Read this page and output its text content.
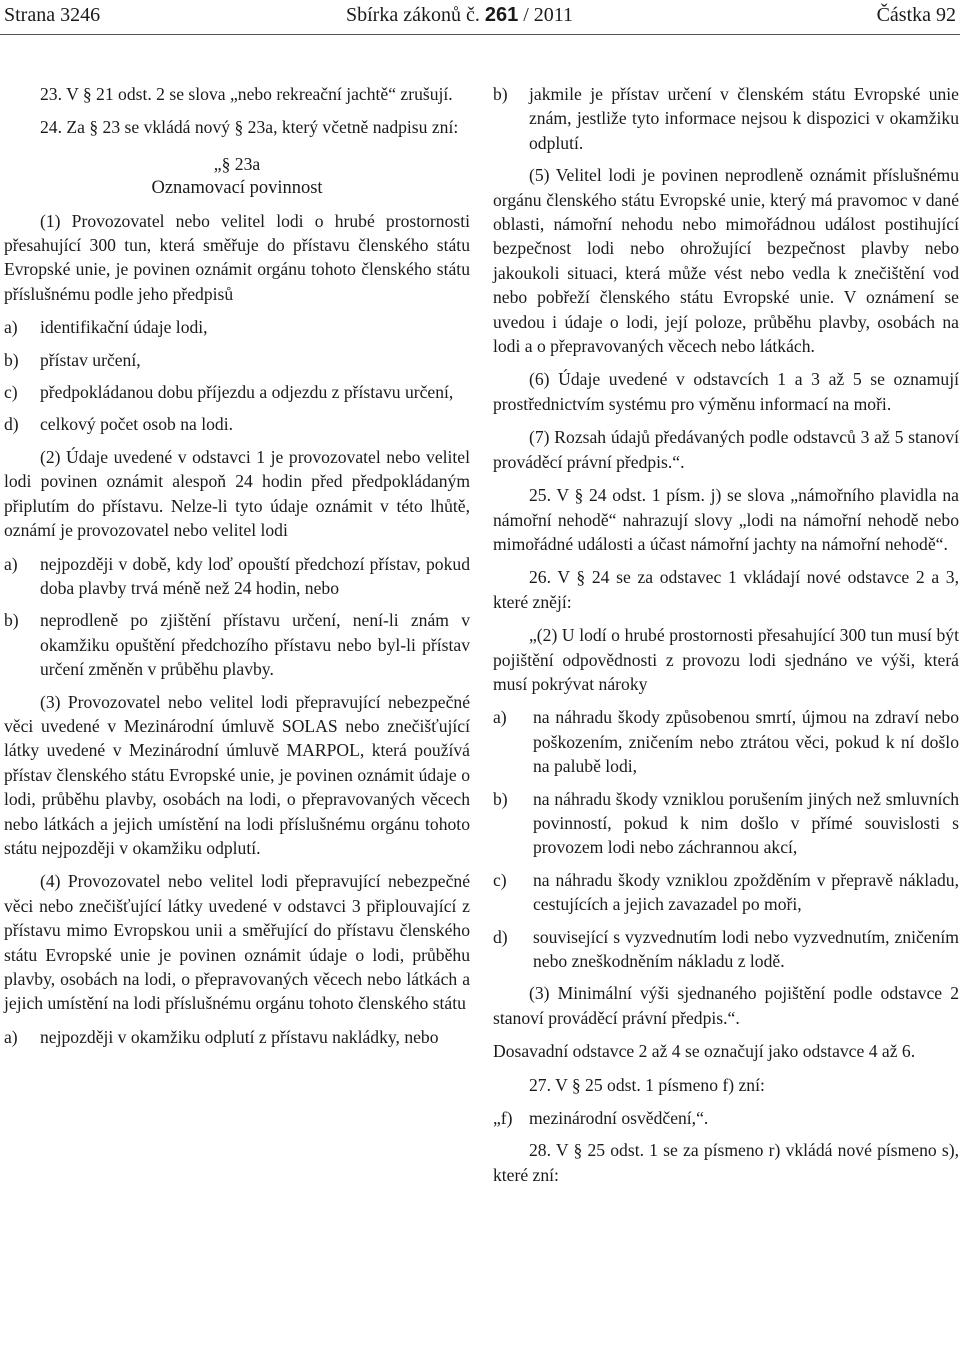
Strana 3246	Sbírka zákonů č. 261 / 2011	Částka 92

23. V § 21 odst. 2 se slova „nebo rekreační jachtě“ zrušují.

24. Za § 23 se vkládá nový § 23a, který včetně nadpisu zní:

„§ 23a

Oznamovací povinnost

(1) Provozovatel nebo velitel lodi o hrubé prostornosti přesahující 300 tun, která směřuje do přístavu členského státu Evropské unie, je povinen oznámit orgánu tohoto členského státu příslušnému podle jeho předpisů

a)	identifikační údaje lodi,
b)	přístav určení,
c)	předpokládanou dobu příjezdu a odjezdu z přístavu určení,
d)	celkový počet osob na lodi.

(2) Údaje uvedené v odstavci 1 je provozovatel nebo velitel lodi povinen oznámit alespoň 24 hodin před předpokládaným připlutím do přístavu. Nelze-li tyto údaje oznámit v této lhůtě, oznámí je provozovatel nebo velitel lodi

a)	nejpozději v době, kdy loď opouští předchozí přístav, pokud doba plavby trvá méně než 24 hodin, nebo
b)	neprodleně po zjištění přístavu určení, není-li znám v okamžiku opuštění předchozího přístavu nebo byl-li přístav určení změněn v průběhu plavby.

(3) Provozovatel nebo velitel lodi přepravující nebezpečné věci uvedené v Mezinárodní úmluvě SOLAS nebo znečišťující látky uvedené v Mezinárodní úmluvě MARPOL, která používá přístav členského státu Evropské unie, je povinen oznámit údaje o lodi, průběhu plavby, osobách na lodi, o přepravovaných věcech nebo látkách a jejich umístění na lodi příslušnému orgánu tohoto státu nejpozději v okamžiku odplutí.

(4) Provozovatel nebo velitel lodi přepravující nebezpečné věci nebo znečišťující látky uvedené v odstavci 3 připlouvající z přístavu mimo Evropskou unii a směřující do přístavu členského státu Evropské unie je povinen oznámit údaje o lodi, průběhu plavby, osobách na lodi, o přepravovaných věcech nebo látkách a jejich umístění na lodi příslušnému orgánu tohoto členského státu

a)	nejpozději v okamžiku odplutí z přístavu nakládky, nebo
b)	jakmile je přístav určení v členském státu Evropské unie znám, jestliže tyto informace nejsou k dispozici v okamžiku odplutí.

(5) Velitel lodi je povinen neprodleně oznámit příslušnému orgánu členského státu Evropské unie, který má pravomoc v dané oblasti, námořní nehodu nebo mimořádnou událost postihující bezpečnost lodi nebo ohrožující bezpečnost plavby nebo jakoukoli situaci, která může vést nebo vedla k znečištění vod nebo pobřeží členského státu Evropské unie. V oznámení se uvedou i údaje o lodi, její poloze, průběhu plavby, osobách na lodi a o přepravovaných věcech nebo látkách.

(6) Údaje uvedené v odstavcích 1 a 3 až 5 se oznamují prostřednictvím systému pro výměnu informací na moři.

(7) Rozsah údajů předávaných podle odstavců 3 až 5 stanoví prováděcí právní předpis.“.

25. V § 24 odst. 1 písm. j) se slova „námořního plavidla na námořní nehodě“ nahrazují slovy „lodi na námořní nehodě nebo mimořádné události a účast námořní jachty na námořní nehodě“.

26. V § 24 se za odstavec 1 vkládají nové odstavce 2 a 3, které znějí:

„(2) U lodí o hrubé prostornosti přesahující 300 tun musí být pojištění odpovědnosti z provozu lodi sjednáno ve výši, která musí pokrývat nároky

a)	na náhradu škody způsobenou smrtí, újmou na zdraví nebo poškozením, zničením nebo ztrátou věci, pokud k ní došlo na palubě lodi,
b)	na náhradu škody vzniklou porušením jiných než smluvních povinností, pokud k nim došlo v přímé souvislosti s provozem lodi nebo záchrannou akcí,
c)	na náhradu škody vzniklou zpožděním v přepravě nákladu, cestujících a jejich zavazadel po moři,
d)	související s vyzvednutím lodi nebo vyzvednutím, zničením nebo zneškodněním nákladu z lodě.

(3) Minimální výši sjednaného pojištění podle odstavce 2 stanoví prováděcí právní předpis.“.

Dosavadní odstavce 2 až 4 se označují jako odstavce 4 až 6.

27. V § 25 odst. 1 písmeno f) zní:

„f) mezinárodní osvědčení,“.

28. V § 25 odst. 1 se za písmeno r) vkládá nové písmeno s), které zní:
